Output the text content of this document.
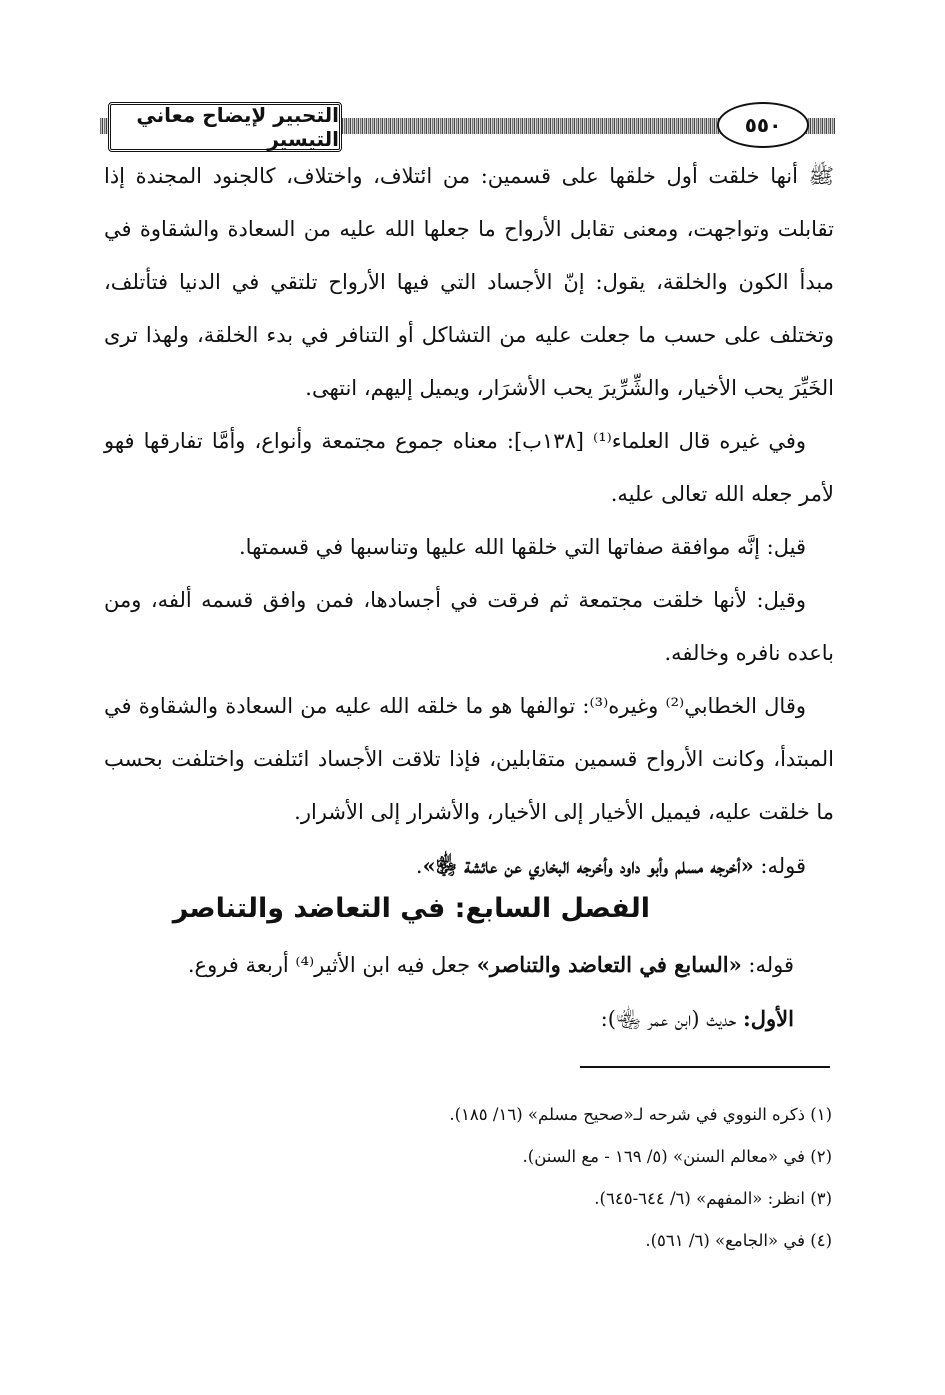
التحبير لإيضاح معاني التيسير
٥٥٠

ﷺ أنها خلقت أول خلقها على قسمين: من ائتلاف، واختلاف، كالجنود المجندة إذا تقابلت وتواجهت، ومعنى تقابل الأرواح ما جعلها الله عليه من السعادة والشقاوة في مبدأ الكون والخلقة، يقول: إنّ الأجساد التي فيها الأرواح تلتقي في الدنيا فتأتلف، وتختلف على حسب ما جعلت عليه من التشاكل أو التنافر في بدء الخلقة، ولهذا ترى الخَيِّرَ يحب الأخيار، والشِّرِّيرَ يحب الأشرَار، ويميل إليهم، انتهى.

وفي غيره قال العلماء⁽¹⁾ [١٣٨ب]: معناه جموع مجتمعة وأنواع، وأمَّا تفارقها فهو لأمر جعله الله تعالى عليه.

قيل: إنَّه موافقة صفاتها التي خلقها الله عليها وتناسبها في قسمتها.

وقيل: لأنها خلقت مجتمعة ثم فرقت في أجسادها، فمن وافق قسمه ألفه، ومن باعده نافره وخالفه.

وقال الخطابي⁽²⁾ وغيره⁽³⁾: توالفها هو ما خلقه الله عليه من السعادة والشقاوة في المبتدأ، وكانت الأرواح قسمين متقابلين، فإذا تلاقت الأجساد ائتلفت واختلفت بحسب ما خلقت عليه، فيميل الأخيار إلى الأخيار، والأشرار إلى الأشرار.

قوله: «أخرجه مسلم وأبو داود وأخرجه البخاري عن عائشة ﵂».

الفصل السابع: في التعاضد والتناصر
قوله: «السابع في التعاضد والتناصر» جعل فيه ابن الأثير⁽⁴⁾ أربعة فروع.
الأول: حديث (ابن عمر ﵄):
(١) ذكره النووي في شرحه لـ«صحيح مسلم» (١٦/ ١٨٥).
(٢) في «معالم السنن» (٥/ ١٦٩ - مع السنن).
(٣) انظر: «المفهم» (٦/ ٦٤٤-٦٤٥).
(٤) في «الجامع» (٦/ ٥٦١).
